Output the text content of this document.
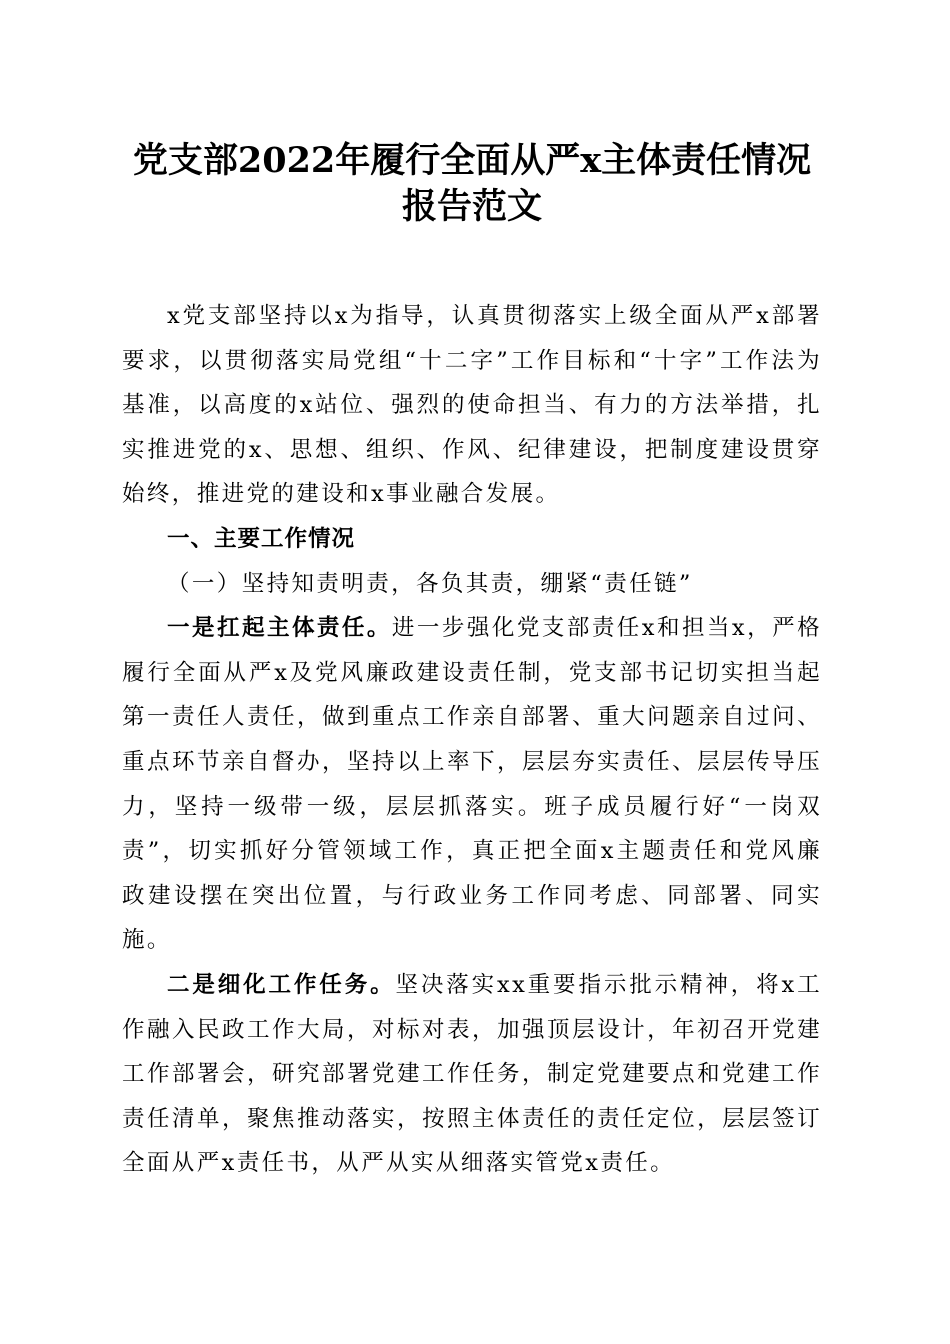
党支部2022年履行全面从严x主体责任情况
报告范文

x党支部坚持以x为指导，认真贯彻落实上级全面从严x部署要求，以贯彻落实局党组“十二字”工作目标和“十字”工作法为基准，以高度的x站位、强烈的使命担当、有力的方法举措，扎实推进党的x、思想、组织、作风、纪律建设，把制度建设贯穿始终，推进党的建设和x事业融合发展。

一、主要工作情况

（一）坚持知责明责，各负其责，绷紧“责任链”

一是扛起主体责任。进一步强化党支部责任x和担当x，严格履行全面从严x及党风廉政建设责任制，党支部书记切实担当起第一责任人责任，做到重点工作亲自部署、重大问题亲自过问、重点环节亲自督办，坚持以上率下，层层夯实责任、层层传导压力，坚持一级带一级，层层抓落实。班子成员履行好“一岗双责”，切实抓好分管领域工作，真正把全面x主题责任和党风廉政建设摆在突出位置，与行政业务工作同考虑、同部署、同实施。

二是细化工作任务。坚决落实xx重要指示批示精神，将x工作融入民政工作大局，对标对表，加强顶层设计，年初召开党建工作部署会，研究部署党建工作任务，制定党建要点和党建工作责任清单，聚焦推动落实，按照主体责任的责任定位，层层签订全面从严x责任书，从严从实从细落实管党x责任。
